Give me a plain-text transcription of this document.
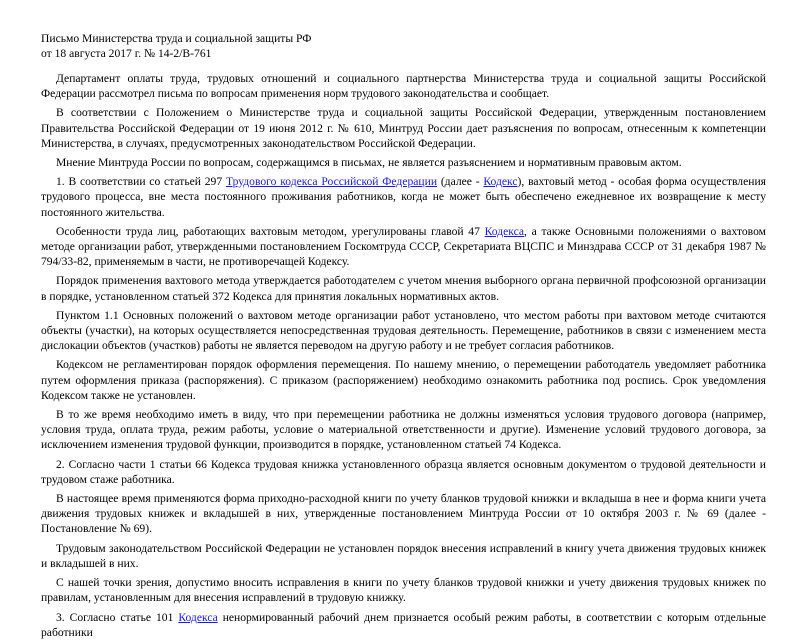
Письмо Министерства труда и социальной защиты РФ
от 18 августа 2017 г. № 14-2/В-761

Департамент оплаты труда, трудовых отношений и социального партнерства Министерства труда и социальной защиты Российской Федерации рассмотрел письма по вопросам применения норм трудового законодательства и сообщает.

В соответствии с Положением о Министерстве труда и социальной защиты Российской Федерации, утвержденным постановлением Правительства Российской Федерации от 19 июня 2012 г. № 610, Минтруд России дает разъяснения по вопросам, отнесенным к компетенции Министерства, в случаях, предусмотренных законодательством Российской Федерации.

Мнение Минтруда России по вопросам, содержащимся в письмах, не является разъяснением и нормативным правовым актом.

1. В соответствии со статьей 297 Трудового кодекса Российской Федерации (далее - Кодекс), вахтовый метод - особая форма осуществления трудового процесса, вне места постоянного проживания работников, когда не может быть обеспечено ежедневное их возвращение к месту постоянного жительства.

Особенности труда лиц, работающих вахтовым методом, урегулированы главой 47 Кодекса, а также Основными положениями о вахтовом методе организации работ, утвержденными постановлением Госкомтруда СССР, Секретариата ВЦСПС и Минздрава СССР от 31 декабря 1987 № 794/33-82, применяемым в части, не противоречащей Кодексу.

Порядок применения вахтового метода утверждается работодателем с учетом мнения выборного органа первичной профсоюзной организации в порядке, установленном статьей 372 Кодекса для принятия локальных нормативных актов.

Пунктом 1.1 Основных положений о вахтовом методе организации работ установлено, что местом работы при вахтовом методе считаются объекты (участки), на которых осуществляется непосредственная трудовая деятельность. Перемещение, работников в связи с изменением места дислокации объектов (участков) работы не является переводом на другую работу и не требует согласия работников.

Кодексом не регламентирован порядок оформления перемещения. По нашему мнению, о перемещении работодатель уведомляет работника путем оформления приказа (распоряжения). С приказом (распоряжением) необходимо ознакомить работника под роспись. Срок уведомления Кодексом также не установлен.

В то же время необходимо иметь в виду, что при перемещении работника не должны изменяться условия трудового договора (например, условия труда, оплата труда, режим работы, условие о материальной ответственности и другие). Изменение условий трудового договора, за исключением изменения трудовой функции, производится в порядке, установленном статьей 74 Кодекса.

2. Согласно части 1 статьи 66 Кодекса трудовая книжка установленного образца является основным документом о трудовой деятельности и трудовом стаже работника.

В настоящее время применяются форма приходно-расходной книги по учету бланков трудовой книжки и вкладыша в нее и форма книги учета движения трудовых книжек и вкладышей в них, утвержденные постановлением Минтруда России от 10 октября 2003 г. № 69 (далее - Постановление № 69).

Трудовым законодательством Российской Федерации не установлен порядок внесения исправлений в книгу учета движения трудовых книжек и вкладышей в них.

С нашей точки зрения, допустимо вносить исправления в книги по учету бланков трудовой книжки и учету движения трудовых книжек по правилам, установленным для внесения исправлений в трудовую книжку.

3. Согласно статье 101 Кодекса ненормированный рабочий днем признается особый режим работы, в соответствии с которым отдельные работники
